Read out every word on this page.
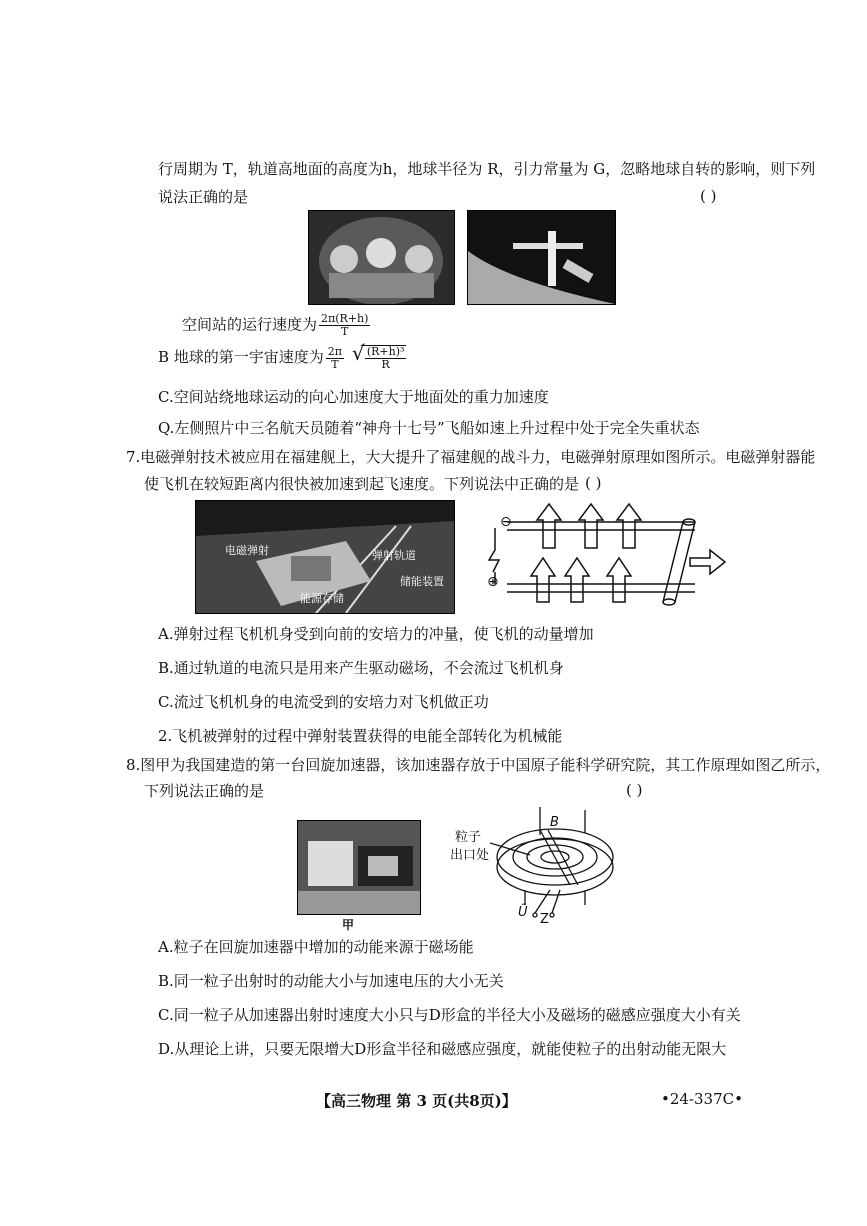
行周期为 T，轨道高地面的高度为h，地球半径为 R，引力常量为 G，忽略地球自转的影响，则下列
说法正确的是	( )
空间站的运行速度为 $\frac{2\pi(R+h)}{T}$
B 地球的第一宇宙速度为 $\frac{2\pi}{T}$

√ $\frac{\text{(R+h)³}}{R}$
C.空间站绕地球运动的向心加速度大于地面处的重力加速度
Q.左侧照片中三名航天员随着“神舟十七号”飞船如速上升过程中处于完全失重状态
7.电磁弹射技术被应用在福建舰上，大大提升了福建舰的战斗力，电磁弹射原理如图所示。电磁弹射器能
使飞机在较短距离内很快被加速到起飞速度。下列说法中正确的是 ( )
电磁弹射	弹射轨道
储能装置
能源存储
⊖
⊕
A.弹射过程飞机机身受到向前的安培力的冲量，使飞机的动量增加
B.通过轨道的电流只是用来产生驱动磁场，不会流过飞机机身
C.流过飞机机身的电流受到的安培力对飞机做正功
2.飞机被弹射的过程中弹射装置获得的电能全部转化为机械能
8.图甲为我国建造的第一台回旋加速器，该加速器存放于中国原子能科学研究院，其工作原理如图乙所示，
下列说法正确的是	( )
甲
粒子
出口处
B
Ũ Z
A.粒子在回旋加速器中增加的动能来源于磁场能
B.同一粒子出射时的动能大小与加速电压的大小无关
C.同一粒子从加速器出射时速度大小只与D形盒的半径大小及磁场的磁感应强度大小有关
D.从理论上讲，只要无限增大D形盒半径和磁感应强度，就能使粒子的出射动能无限大
【高三物理 第 3 页(共8页)】	•24-337C•
